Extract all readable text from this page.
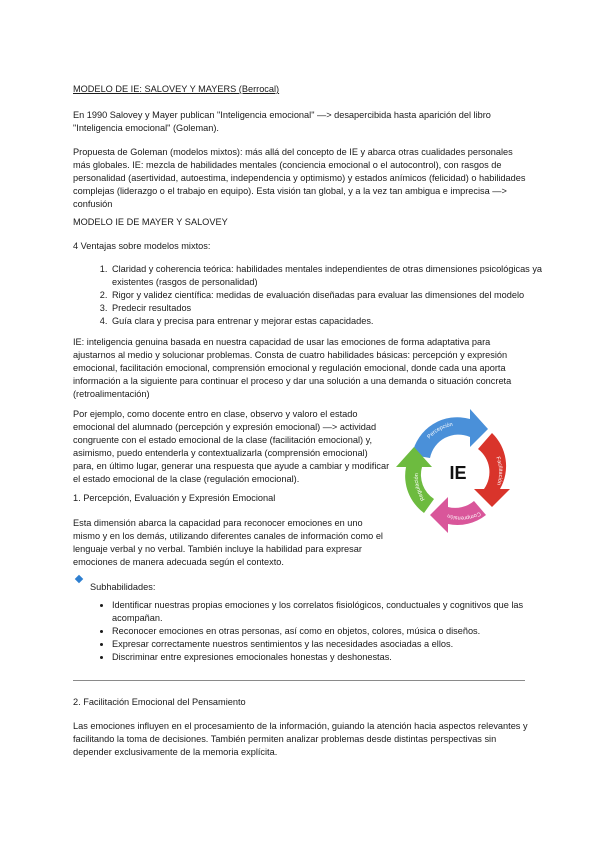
MODELO DE IE: SALOVEY Y MAYERS (Berrocal)

En 1990 Salovey y Mayer publican "Inteligencia emocional" —> desapercibida hasta aparición del libro "Inteligencia emocional" (Goleman).

Propuesta de Goleman (modelos mixtos): más allá del concepto de IE y abarca otras cualidades personales más globales. IE: mezcla de habilidades mentales (conciencia emocional o el autocontrol), con rasgos de personalidad (asertividad, autoestima, independencia y optimismo) y estados anímicos (felicidad) o habilidades complejas (liderazgo o el trabajo en equipo). Esta visión tan global, y a la vez tan ambigua e imprecisa —> confusión

MODELO IE DE MAYER Y SALOVEY

4 Ventajas sobre modelos mixtos:

1. Claridad y coherencia teórica: habilidades mentales independientes de otras dimensiones psicológicas ya existentes (rasgos de personalidad)
2. Rigor y validez científica: medidas de evaluación diseñadas para evaluar las dimensiones del modelo
3. Predecir resultados
4. Guía clara y precisa para entrenar y mejorar estas capacidades.

IE: inteligencia genuina basada en nuestra capacidad de usar las emociones de forma adaptativa para ajustarnos al medio y solucionar problemas. Consta de cuatro habilidades básicas: percepción y expresión emocional, facilitación emocional, comprensión emocional y regulación emocional, donde cada una aporta información a la siguiente para continuar el proceso y dar una solución a una demanda o situación concreta (retroalimentación)

Por ejemplo, como docente entro en clase, observo y valoro el estado emocional del alumnado (percepción y expresión emocional) —> actividad congruente con el estado emocional de la clase (facilitación emocional) y, asimismo, puedo entenderla y contextualizarla (comprensión emocional) para, en último lugar, generar una respuesta que ayude a cambiar y modificar el estado emocional de la clase (regulación emocional).

1. Percepción, Evaluación y Expresión Emocional

Esta dimensión abarca la capacidad para reconocer emociones en uno mismo y en los demás, utilizando diferentes canales de información como el lenguaje verbal y no verbal. También incluye la habilidad para expresar emociones de manera adecuada según el contexto.

Subhabilidades:

• Identificar nuestras propias emociones y los correlatos fisiológicos, conductuales y cognitivos que las acompañan.
• Reconocer emociones en otras personas, así como en objetos, colores, música o diseños.
• Expresar correctamente nuestros sentimientos y las necesidades asociadas a ellos.
• Discriminar entre expresiones emocionales honestas y deshonestas.

2. Facilitación Emocional del Pensamiento

Las emociones influyen en el procesamiento de la información, guiando la atención hacia aspectos relevantes y facilitando la toma de decisiones. También permiten analizar problemas desde distintas perspectivas sin depender exclusivamente de la memoria explícita.

IE
Percepción
Facilitación
Comprensión
Regulación
